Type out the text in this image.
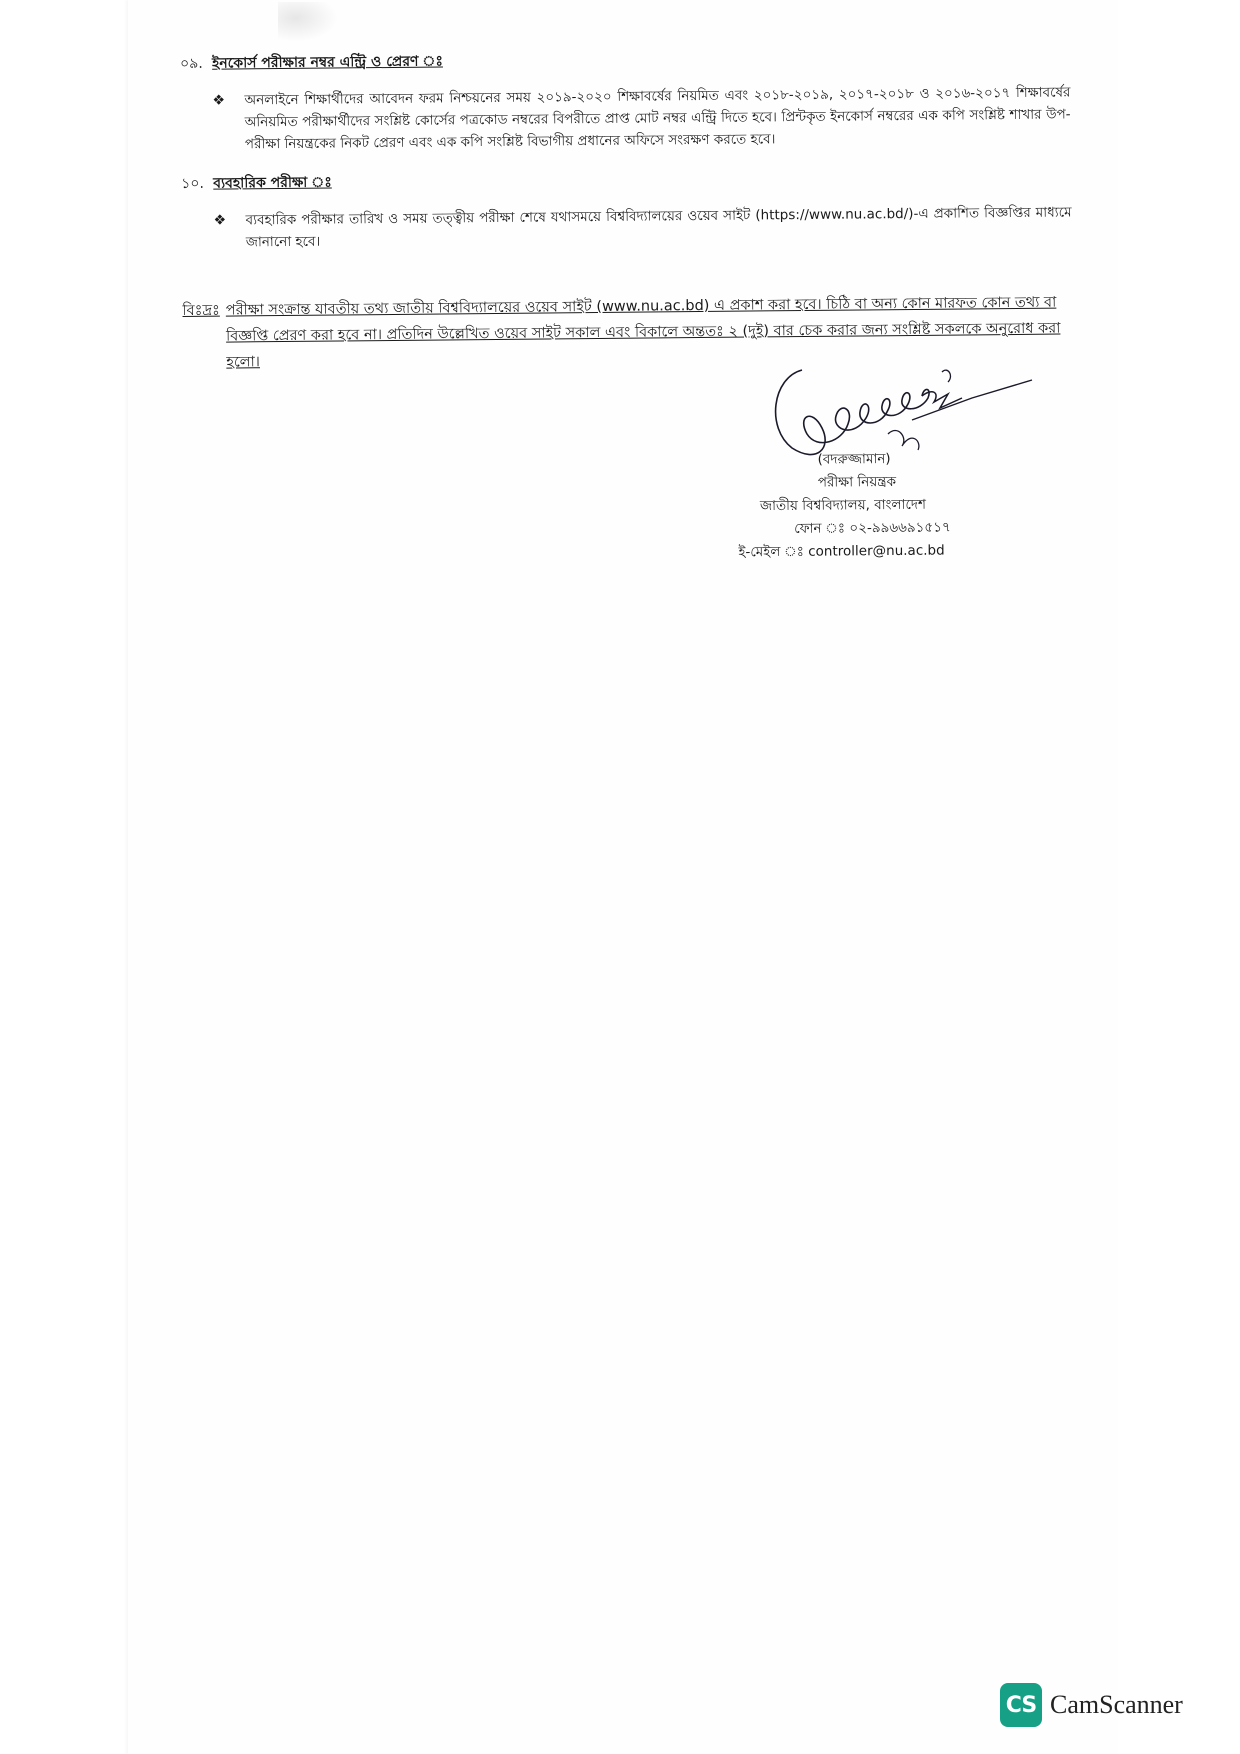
০৯. ইনকোর্স পরীক্ষার নম্বর এন্ট্রি ও প্রেরণ ঃ
❖	অনলাইনে শিক্ষার্থীদের আবেদন ফরম নিশ্চয়নের সময় ২০১৯-২০২০ শিক্ষাবর্ষের নিয়মিত এবং ২০১৮-২০১৯, ২০১৭-২০১৮ ও ২০১৬-২০১৭ শিক্ষাবর্ষের অনিয়মিত পরীক্ষার্থীদের সংশ্লিষ্ট কোর্সের পত্রকোড নম্বরের বিপরীতে প্রাপ্ত মোট নম্বর এন্ট্রি দিতে হবে। প্রিন্টকৃত ইনকোর্স নম্বরের এক কপি সংশ্লিষ্ট শাখার উপ-পরীক্ষা নিয়ন্ত্রকের নিকট প্রেরণ এবং এক কপি সংশ্লিষ্ট বিভাগীয় প্রধানের অফিসে সংরক্ষণ করতে হবে।
১০. ব্যবহারিক পরীক্ষা ঃ
❖	ব্যবহারিক পরীক্ষার তারিখ ও সময় তত্ত্বীয় পরীক্ষা শেষে যথাসময়ে বিশ্ববিদ্যালয়ের ওয়েব সাইট (https://www.nu.ac.bd/)-এ প্রকাশিত বিজ্ঞপ্তির মাধ্যমে জানানো হবে।
বিঃদ্রঃ পরীক্ষা সংক্রান্ত যাবতীয় তথ্য জাতীয় বিশ্ববিদ্যালয়ের ওয়েব সাইট (www.nu.ac.bd) এ প্রকাশ করা হবে। চিঠি বা অন্য কোন মারফত কোন তথ্য বা বিজ্ঞপ্তি প্রেরণ করা হবে না। প্রতিদিন উল্লেখিত ওয়েব সাইট সকাল এবং বিকালে অন্ততঃ ২ (দুই) বার চেক করার জন্য সংশ্লিষ্ট সকলকে অনুরোধ করা হলো।
(বদরুজ্জামান)
পরীক্ষা নিয়ন্ত্রক
জাতীয় বিশ্ববিদ্যালয়, বাংলাদেশ
ফোন ঃ ০২-৯৯৬৬৯১৫১৭
ই-মেইল ঃ controller@nu.ac.bd
CS CamScanner
